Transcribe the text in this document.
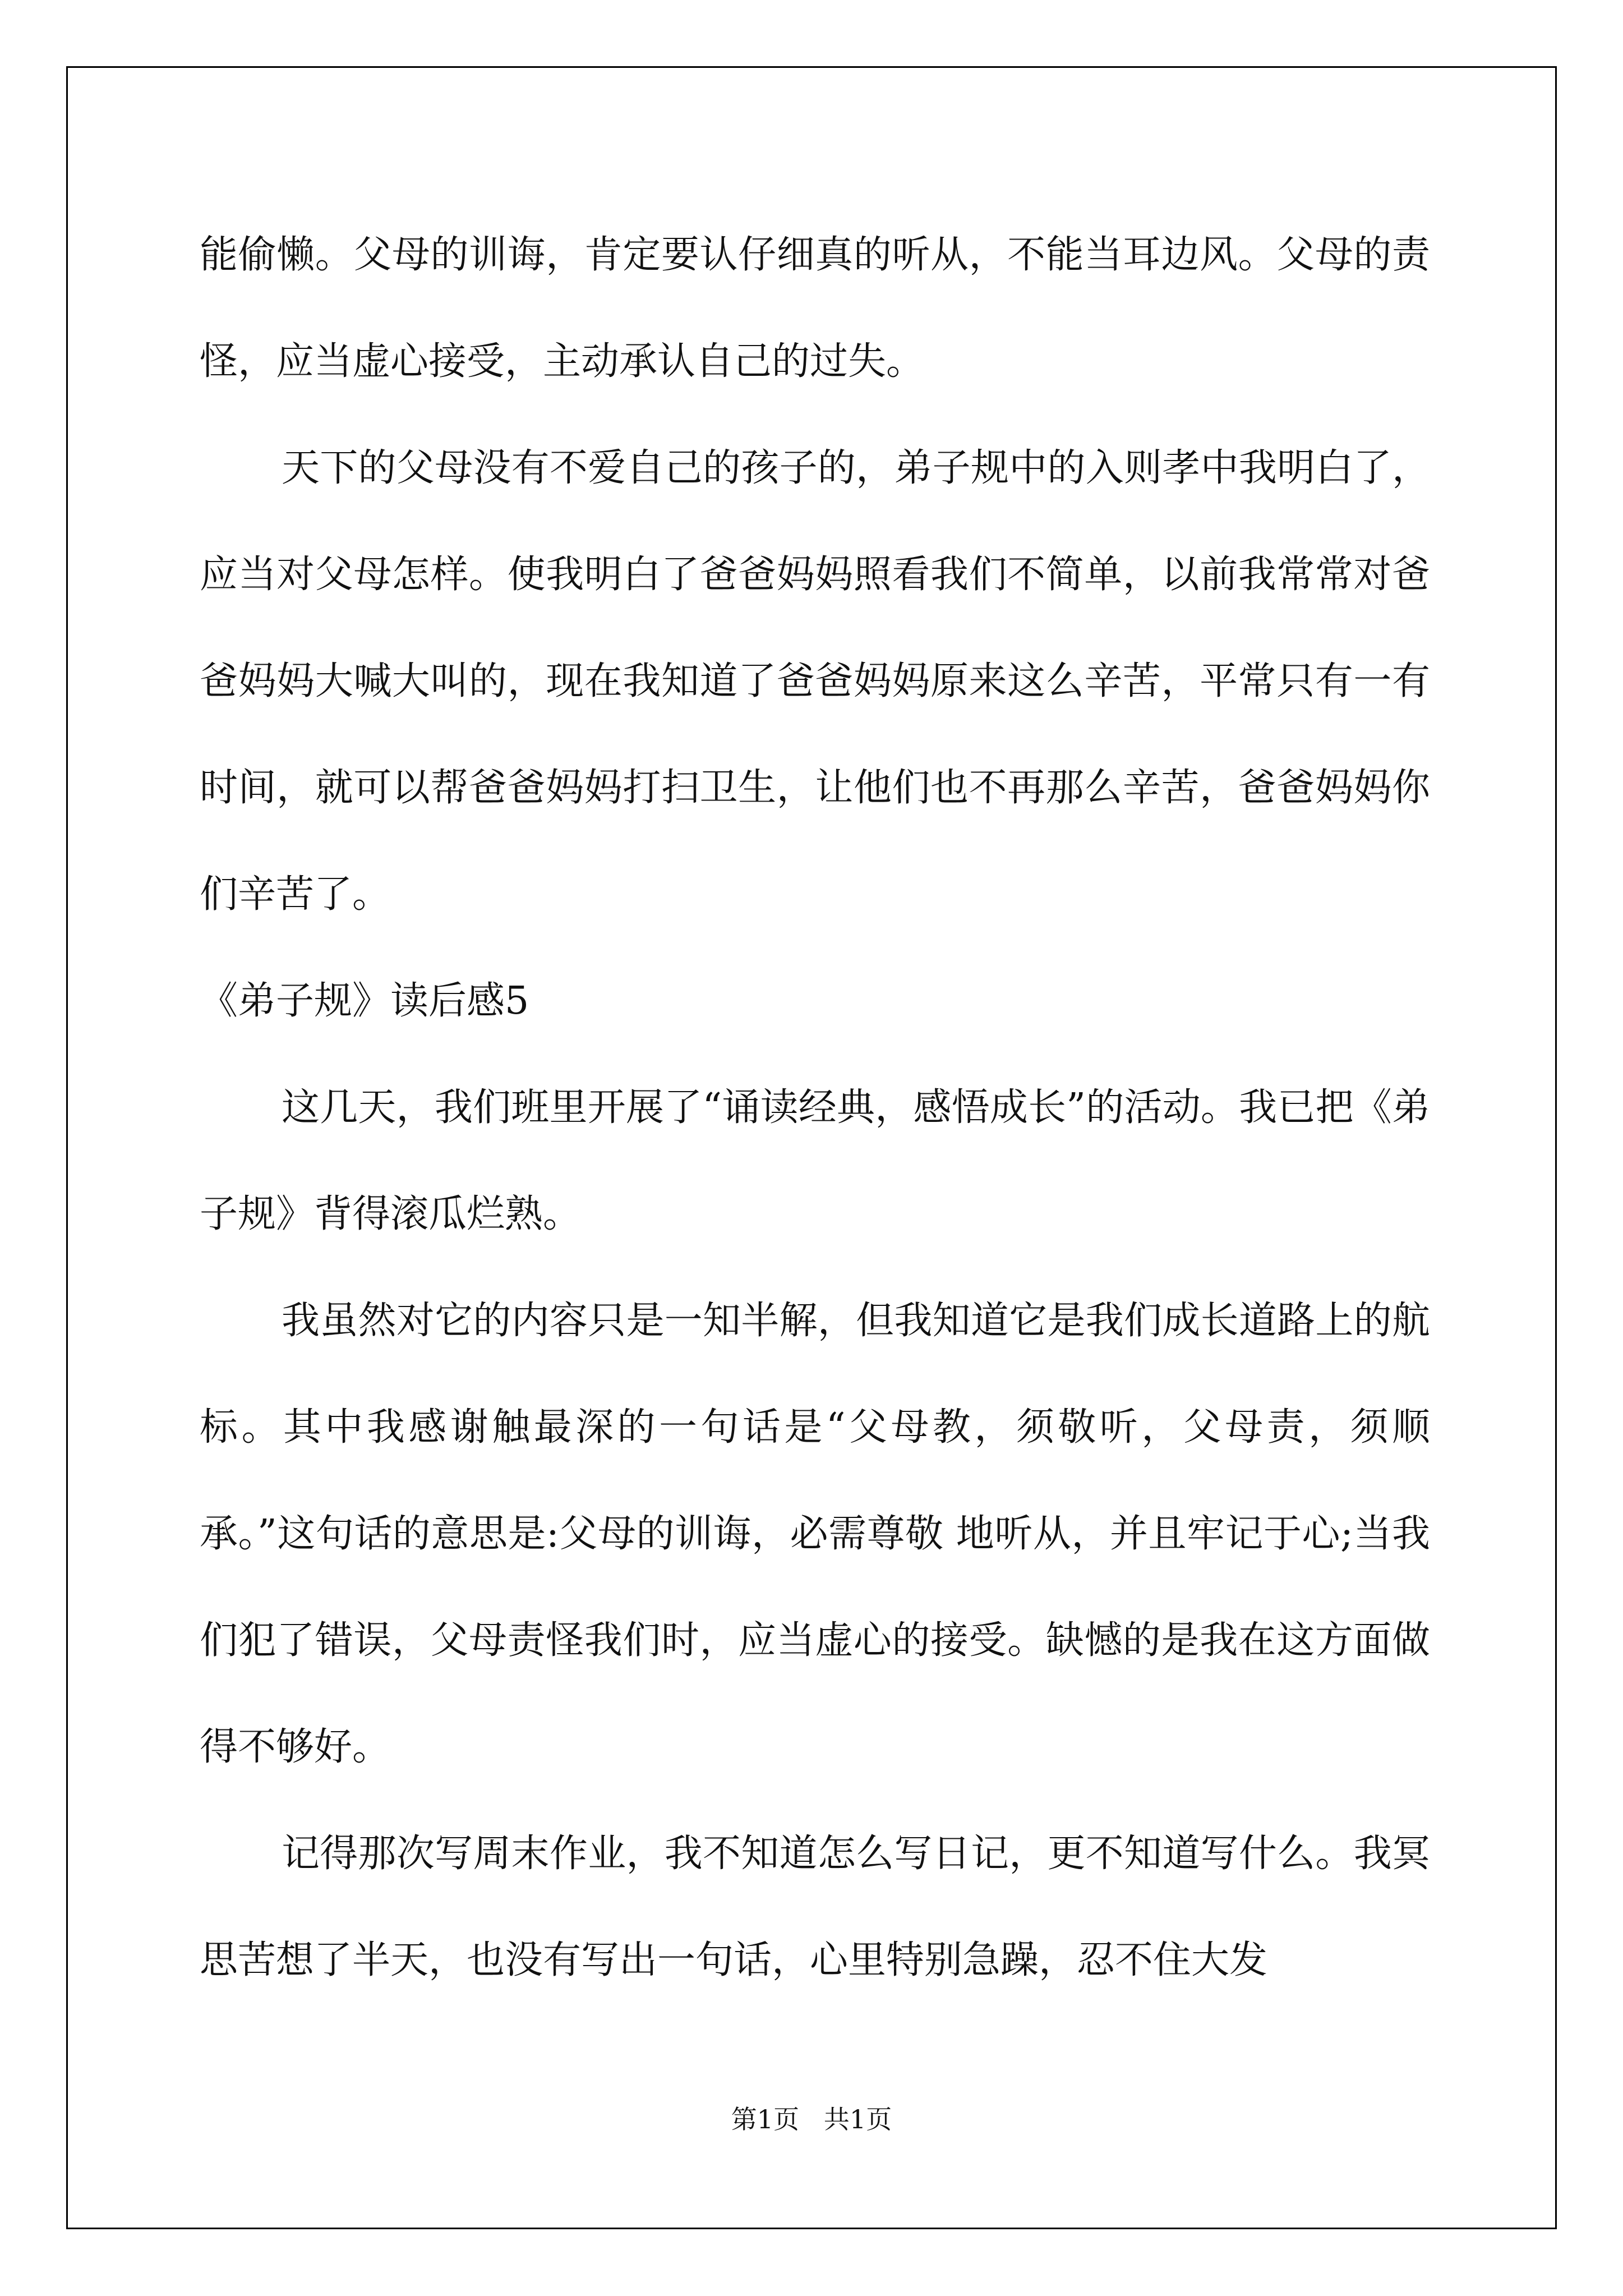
能偷懒。父母的训诲，肯定要认仔细真的听从，不能当耳边风。父母的责怪，应当虚心接受，主动承认自己的过失。

天下的父母没有不爱自己的孩子的，弟子规中的入则孝中我明白了，应当对父母怎样。使我明白了爸爸妈妈照看我们不简单，以前我常常对爸爸妈妈大喊大叫的，现在我知道了爸爸妈妈原来这么辛苦，平常只有一有时间，就可以帮爸爸妈妈打扫卫生，让他们也不再那么辛苦，爸爸妈妈你们辛苦了。

《弟子规》读后感5

这几天，我们班里开展了“诵读经典，感悟成长”的活动。我已把《弟子规》背得滚瓜烂熟。

我虽然对它的内容只是一知半解，但我知道它是我们成长道路上的航标。其中我感谢触最深的一句话是“父母教，须敬听，父母责，须顺承。”这句话的意思是:父母的训诲，必需尊敬 地听从，并且牢记于心;当我们犯了错误，父母责怪我们时，应当虚心的接受。缺憾的是我在这方面做得不够好。

记得那次写周末作业，我不知道怎么写日记，更不知道写什么。我冥思苦想了半天，也没有写出一句话，心里特别急躁，忍不住大发

第1页   共1页
